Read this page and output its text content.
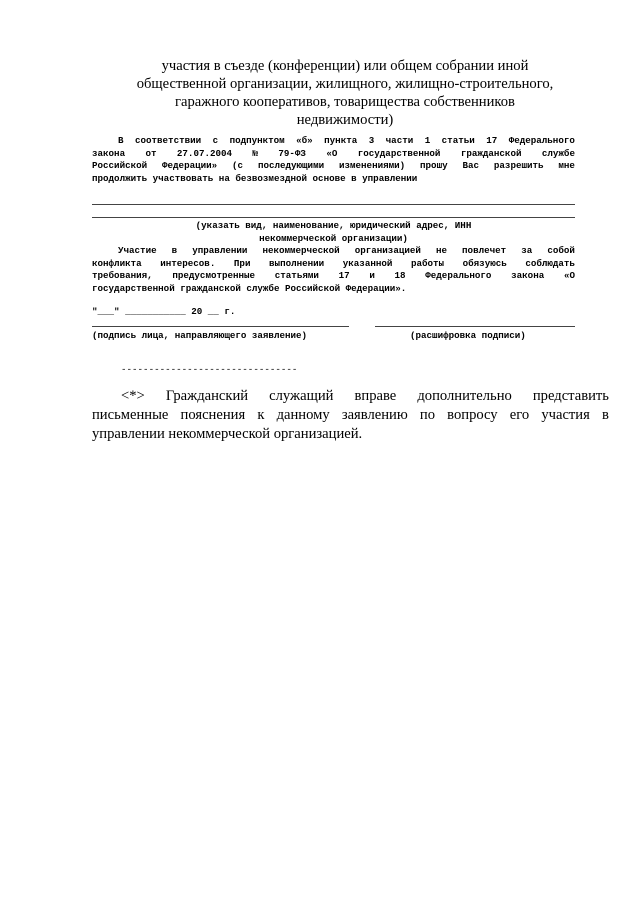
участия в съезде (конференции) или общем собрании иной
общественной организации, жилищного, жилищно-строительного,
гаражного кооперативов, товарищества собственников
недвижимости)
В соответствии с подпунктом «б» пункта 3 части 1 статьи 17 Федерального
закона от 27.07.2004 № 79-ФЗ «О государственной гражданской службе
Российской Федерации» (с последующими изменениями) прошу Вас разрешить мне
продолжить участвовать на безвозмездной основе в управлении
(указать вид, наименование, юридический адрес, ИНН
некоммерческой организации)
Участие в управлении некоммерческой организацией не повлечет за собой
конфликта интересов. При выполнении указанной работы обязуюсь соблюдать
требования, предусмотренные статьями 17 и 18 Федерального закона «О
государственной гражданской службе Российской Федерации».
"___" ___________ 20 __ г.
(подпись лица, направляющего заявление)	(расшифровка подписи)
--------------------------------
<*> Гражданский служащий вправе дополнительно представить
письменные пояснения к данному заявлению по вопросу его участия в
управлении некоммерческой организацией.
